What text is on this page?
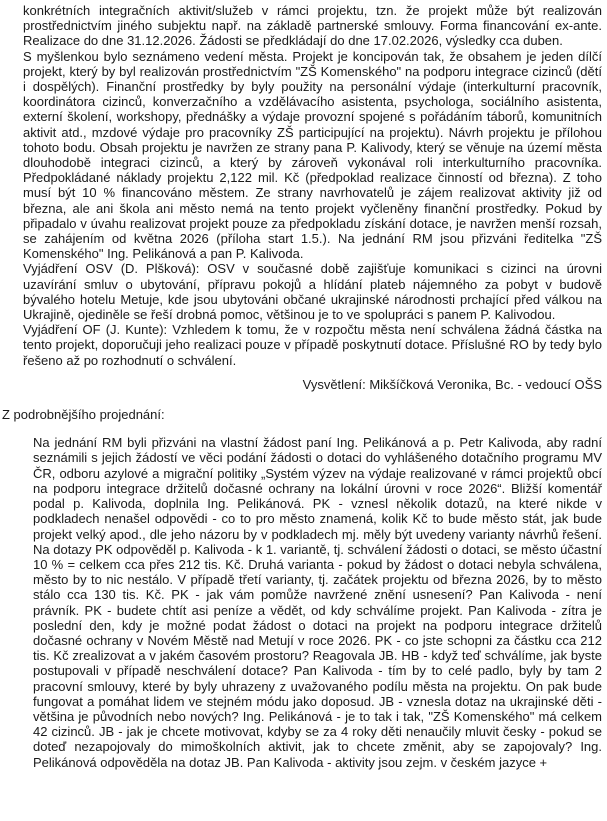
konkrétních integračních aktivit/služeb v rámci projektu, tzn. že projekt může být realizován prostřednictvím jiného subjektu např. na základě partnerské smlouvy. Forma financování ex-ante. Realizace do dne 31.12.2026. Žádosti se předkládají do dne 17.02.2026, výsledky cca duben.

S myšlenkou bylo seznámeno vedení města. Projekt je koncipován tak, že obsahem je jeden dílčí projekt, který by byl realizován prostřednictvím "ZŠ Komenského" na podporu integrace cizinců (dětí i dospělých). Finanční prostředky by byly použity na personální výdaje (interkulturní pracovník, koordinátora cizinců, konverzačního a vzdělávacího asistenta, psychologa, sociálního asistenta, externí školení, workshopy, přednášky a výdaje provozní spojené s pořádáním táborů, komunitních aktivit atd., mzdové výdaje pro pracovníky ZŠ participující na projektu). Návrh projektu je přílohou tohoto bodu. Obsah projektu je navržen ze strany pana P. Kalivody, který se věnuje na území města dlouhodobě integraci cizinců, a který by zároveň vykonával roli interkulturního pracovníka. Předpokládané náklady projektu 2,122 mil. Kč (předpoklad realizace činností od března). Z toho musí být 10 % financováno městem. Ze strany navrhovatelů je zájem realizovat aktivity již od března, ale ani škola ani město nemá na tento projekt vyčleněny finanční prostředky. Pokud by připadalo v úvahu realizovat projekt pouze za předpokladu získání dotace, je navržen menší rozsah, se zahájením od května 2026 (příloha start 1.5.). Na jednání RM jsou přizváni ředitelka "ZŠ Komenského" Ing. Pelikánová a pan P. Kalivoda.

Vyjádření OSV (D. Plšková): OSV v současné době zajišťuje komunikaci s cizinci na úrovni uzavírání smluv o ubytování, přípravu pokojů a hlídání plateb nájemného za pobyt v budově bývalého hotelu Metuje, kde jsou ubytováni občané ukrajinské národnosti prchající před válkou na Ukrajině, ojediněle se řeší drobná pomoc, většinou je to ve spolupráci s panem P. Kalivodou.

Vyjádření OF (J. Kunte): Vzhledem k tomu, že v rozpočtu města není schválena žádná částka na tento projekt, doporučuji jeho realizaci pouze v případě poskytnutí dotace. Příslušné RO by tedy bylo řešeno až po rozhodnutí o schválení.

Vysvětlení: Mikšíčková Veronika, Bc. - vedoucí OŠS
Z podrobnějšího projednání:
Na jednání RM byli přizváni na vlastní žádost paní Ing. Pelikánová a p. Petr Kalivoda, aby radní seznámili s jejich žádostí ve věci podání žádosti o dotaci do vyhlášeného dotačního programu MV ČR, odboru azylové a migrační politiky „Systém výzev na výdaje realizované v rámci projektů obcí na podporu integrace držitelů dočasné ochrany na lokální úrovni v roce 2026“. Bližší komentář podal p. Kalivoda, doplnila Ing. Pelikánová. PK - vznesl několik dotazů, na které nikde v podkladech nenašel odpovědi - co to pro město znamená, kolik Kč to bude město stát, jak bude projekt velký apod., dle jeho názoru by v podkladech mj. měly být uvedeny varianty návrhů řešení. Na dotazy PK odpověděl p. Kalivoda - k 1. variantě, tj. schválení žádosti o dotaci, se město účastní 10 % = celkem cca přes 212 tis. Kč. Druhá varianta - pokud by žádost o dotaci nebyla schválena, město by to nic nestálo. V případě třetí varianty, tj. začátek projektu od března 2026, by to město stálo cca 130 tis. Kč. PK - jak vám pomůže navržené znění usnesení? Pan Kalivoda - není právník. PK - budete chtít asi peníze a vědět, od kdy schválíme projekt. Pan Kalivoda - zítra je poslední den, kdy je možné podat žádost o dotaci na projekt na podporu integrace držitelů dočasné ochrany v Novém Městě nad Metují v roce 2026. PK - co jste schopni za částku cca 212 tis. Kč zrealizovat a v jakém časovém prostoru? Reagovala JB. HB - když teď schválíme, jak byste postupovali v případě neschválení dotace? Pan Kalivoda - tím by to celé padlo, byly by tam 2 pracovní smlouvy, které by byly uhrazeny z uvažovaného podílu města na projektu. On pak bude fungovat a pomáhat lidem ve stejném módu jako doposud. JB - vznesla dotaz na ukrajinské děti - většina je původních nebo nových? Ing. Pelikánová - je to tak i tak, "ZŠ Komenského" má celkem 42 cizinců. JB - jak je chcete motivovat, kdyby se za 4 roky děti nenaučily mluvit česky - pokud se doteď nezapojovaly do mimoškolních aktivit, jak to chcete změnit, aby se zapojovaly? Ing. Pelikánová odpověděla na dotaz JB. Pan Kalivoda - aktivity jsou zejm. v českém jazyce +
